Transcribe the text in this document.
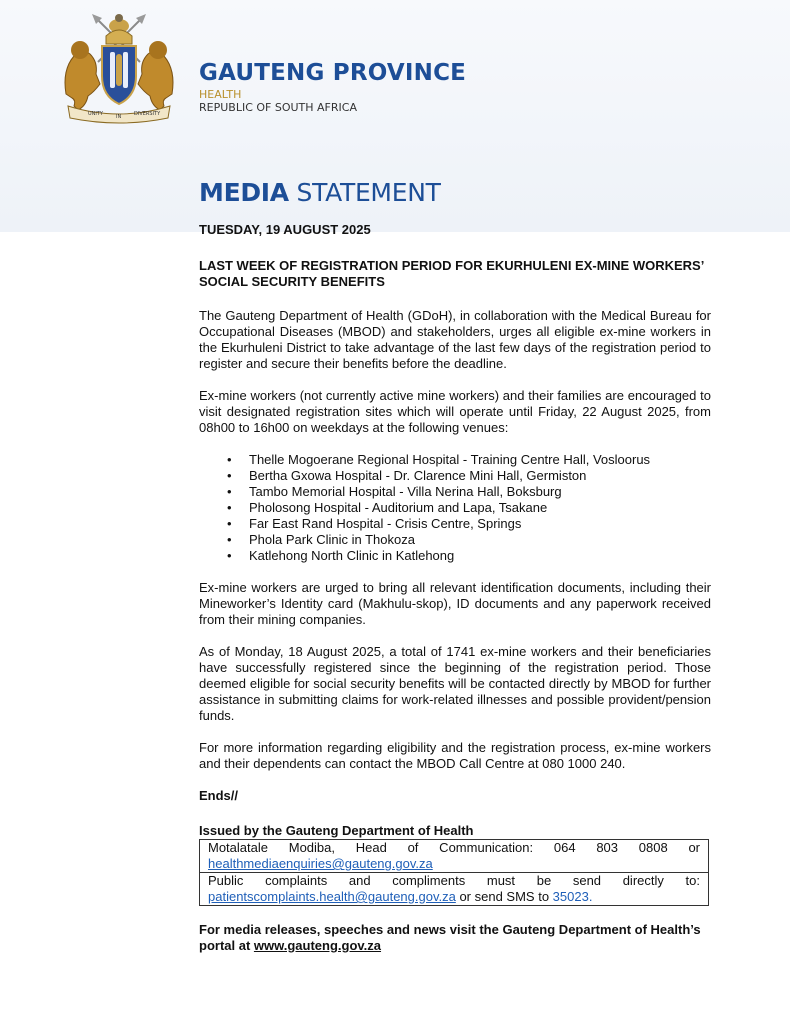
UNITY	IN	DIVERSITY
GAUTENG PROVINCE
HEALTH
REPUBLIC OF SOUTH AFRICA
MEDIA STATEMENT
TUESDAY, 19 AUGUST 2025
LAST WEEK OF REGISTRATION PERIOD FOR EKURHULENI EX-MINE WORKERS’ SOCIAL SECURITY BENEFITS

The Gauteng Department of Health (GDoH), in collaboration with the Medical Bureau for Occupational Diseases (MBOD) and stakeholders, urges all eligible ex-mine workers in the Ekurhuleni District to take advantage of the last few days of the registration period to register and secure their benefits before the deadline.

Ex-mine workers (not currently active mine workers) and their families are encouraged to visit designated registration sites which will operate until Friday, 22 August 2025, from 08h00 to 16h00 on weekdays at the following venues:

• Thelle Mogoerane Regional Hospital - Training Centre Hall, Vosloorus
• Bertha Gxowa Hospital - Dr. Clarence Mini Hall, Germiston
• Tambo Memorial Hospital - Villa Nerina Hall, Boksburg
• Pholosong Hospital - Auditorium and Lapa, Tsakane
• Far East Rand Hospital - Crisis Centre, Springs
• Phola Park Clinic in Thokoza
• Katlehong North Clinic in Katlehong

Ex-mine workers are urged to bring all relevant identification documents, including their Mineworker’s Identity card (Makhulu-skop), ID documents and any paperwork received from their mining companies.

As of Monday, 18 August 2025, a total of 1741 ex-mine workers and their beneficiaries have successfully registered since the beginning of the registration period. Those deemed eligible for social security benefits will be contacted directly by MBOD for further assistance in submitting claims for work-related illnesses and possible provident/pension funds.

For more information regarding eligibility and the registration process, ex-mine workers and their dependents can contact the MBOD Call Centre at 080 1000 240.

Ends//
Issued by the Gauteng Department of Health
Motalatale Modiba, Head of Communication: 064 803 0808 or
healthmediaenquiries@gauteng.gov.za

Public complaints and compliments must be send directly to:
patientscomplaints.health@gauteng.gov.za or send SMS to 35023.
For media releases, speeches and news visit the Gauteng Department of Health’s portal at www.gauteng.gov.za
